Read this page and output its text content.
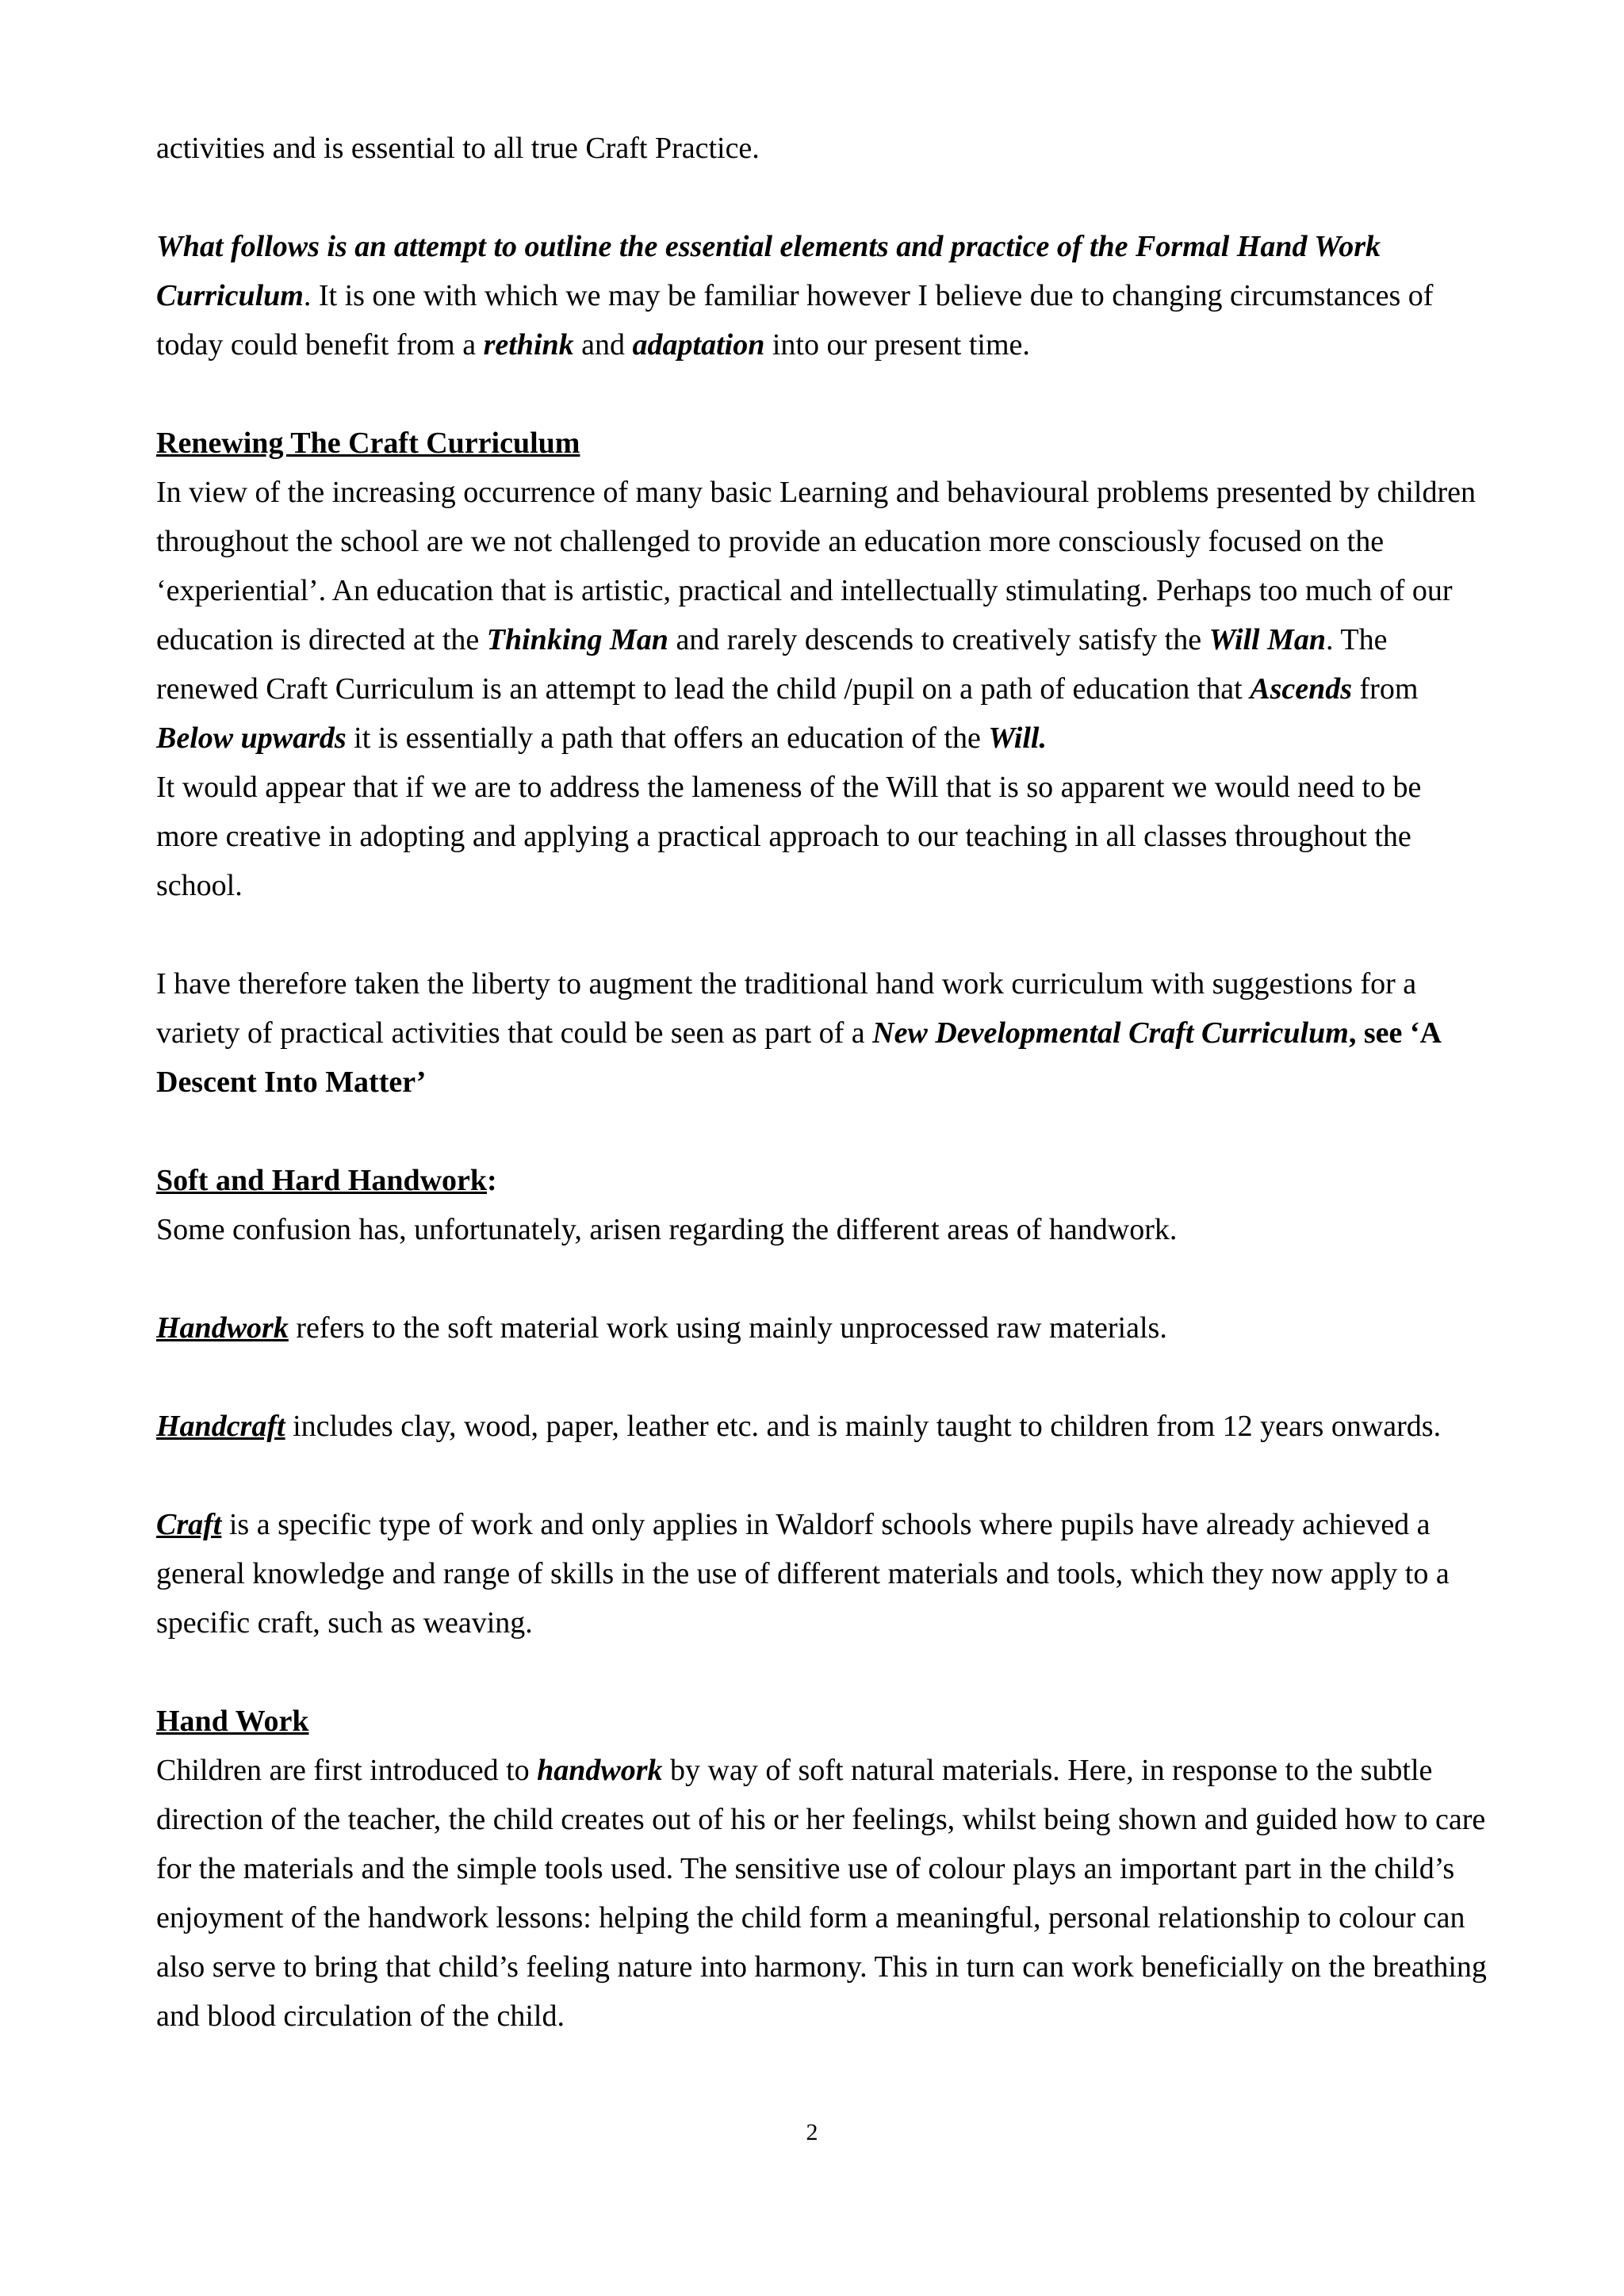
activities and is essential to all true Craft Practice.

What follows is an attempt to outline the essential elements and practice of the Formal Hand Work Curriculum. It is one with which we may be familiar however I believe due to changing circumstances of today could benefit from a rethink and adaptation into our present time.

Renewing The Craft Curriculum

In view of the increasing occurrence of many basic Learning and behavioural problems presented by children throughout the school are we not challenged to provide an education more consciously focused on the ‘experiential’. An education that is artistic, practical and intellectually stimulating. Perhaps too much of our education is directed at the Thinking Man and rarely descends to creatively satisfy the Will Man. The renewed Craft Curriculum is an attempt to lead the child /pupil on a path of education that Ascends from Below upwards it is essentially a path that offers an education of the Will.

It would appear that if we are to address the lameness of the Will that is so apparent we would need to be more creative in adopting and applying a practical approach to our teaching in all classes throughout the school.

I have therefore taken the liberty to augment the traditional hand work curriculum with suggestions for a variety of practical activities that could be seen as part of a New Developmental Craft Curriculum, see ‘A Descent Into Matter’

Soft and Hard Handwork:

Some confusion has, unfortunately, arisen regarding the different areas of handwork.

Handwork refers to the soft material work using mainly unprocessed raw materials.

Handcraft includes clay, wood, paper, leather etc. and is mainly taught to children from 12 years onwards.

Craft is a specific type of work and only applies in Waldorf schools where pupils have already achieved a general knowledge and range of skills in the use of different materials and tools, which they now apply to a specific craft, such as weaving.

Hand Work

Children are first introduced to handwork by way of soft natural materials. Here, in response to the subtle direction of the teacher, the child creates out of his or her feelings, whilst being shown and guided how to care for the materials and the simple tools used. The sensitive use of colour plays an important part in the child’s enjoyment of the handwork lessons: helping the child form a meaningful, personal relationship to colour can also serve to bring that child’s feeling nature into harmony. This in turn can work beneficially on the breathing and blood circulation of the child.

2
